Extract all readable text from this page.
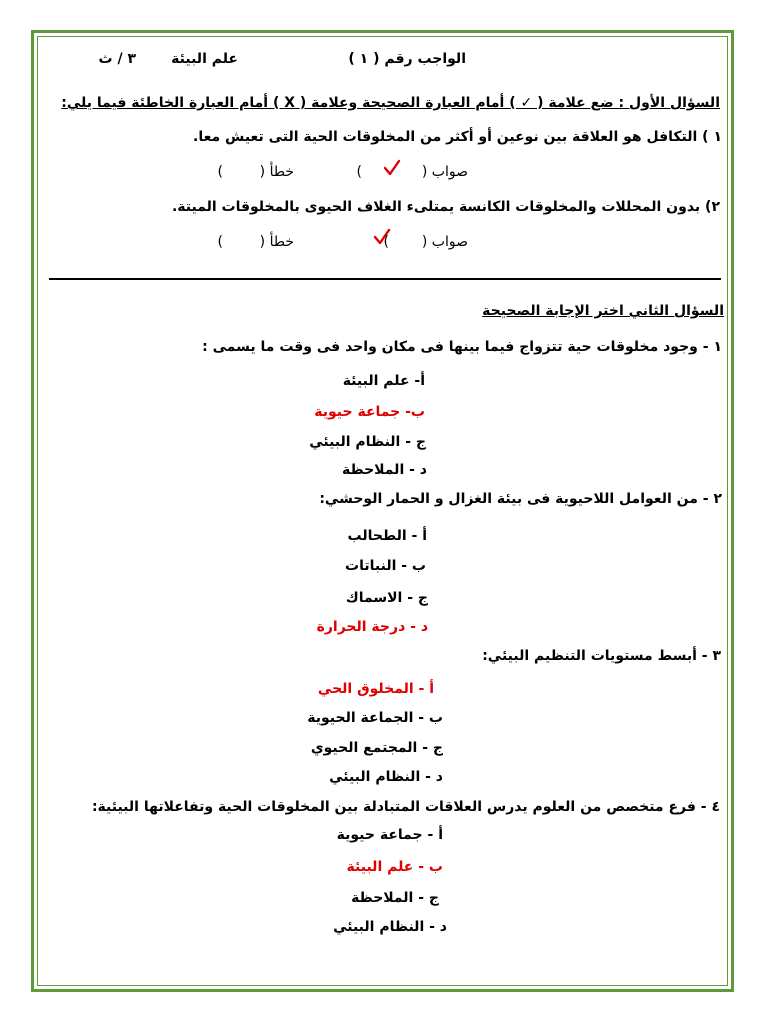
الواجب رقم ( ١ )
علم البيئة
٣ / ث
السؤال الأول : ضع علامة ( ✓ ) أمام العبارة الصحيحة وعلامة ( X ) أمام العبارة الخاطئة فيما يلي:
١ ) التكافل هو العلاقة بين نوعين أو أكثر من المخلوقات الحية التى تعيش معا.
صواب (
)
خطأ (
)
٢) بدون المحللات والمخلوقات الكانسة يمتلىء الغلاف الحيوى بالمخلوقات الميتة.
صواب (
)
خطأ (
)
السؤال الثاني اختر الإجابة الصحيحة
١ - وجود مخلوقات حية تتزواج فيما بينها فى مكان واحد فى وقت ما يسمى :
أ- علم البيئة
ب- جماعة حيوية
ج - النظام البيئي
د - الملاحظة
٢ - من العوامل اللاحيوية فى بيئة الغزال و الحمار الوحشي:
أ - الطحالب
ب - النباتات
ج - الاسماك
د - درجة الحرارة
٣ - أبسط مستويات التنظيم البيئي:
أ - المخلوق الحي
ب - الجماعة الحيوية
ج - المجتمع الحيوي
د - النظام البيئي
٤ - فرع متخصص من العلوم يدرس العلاقات المتبادلة بين المخلوقات الحية وتفاعلاتها البيئية:
أ - جماعة حيوية
ب - علم البيئة
ج - الملاحظة
د - النظام البيئي
